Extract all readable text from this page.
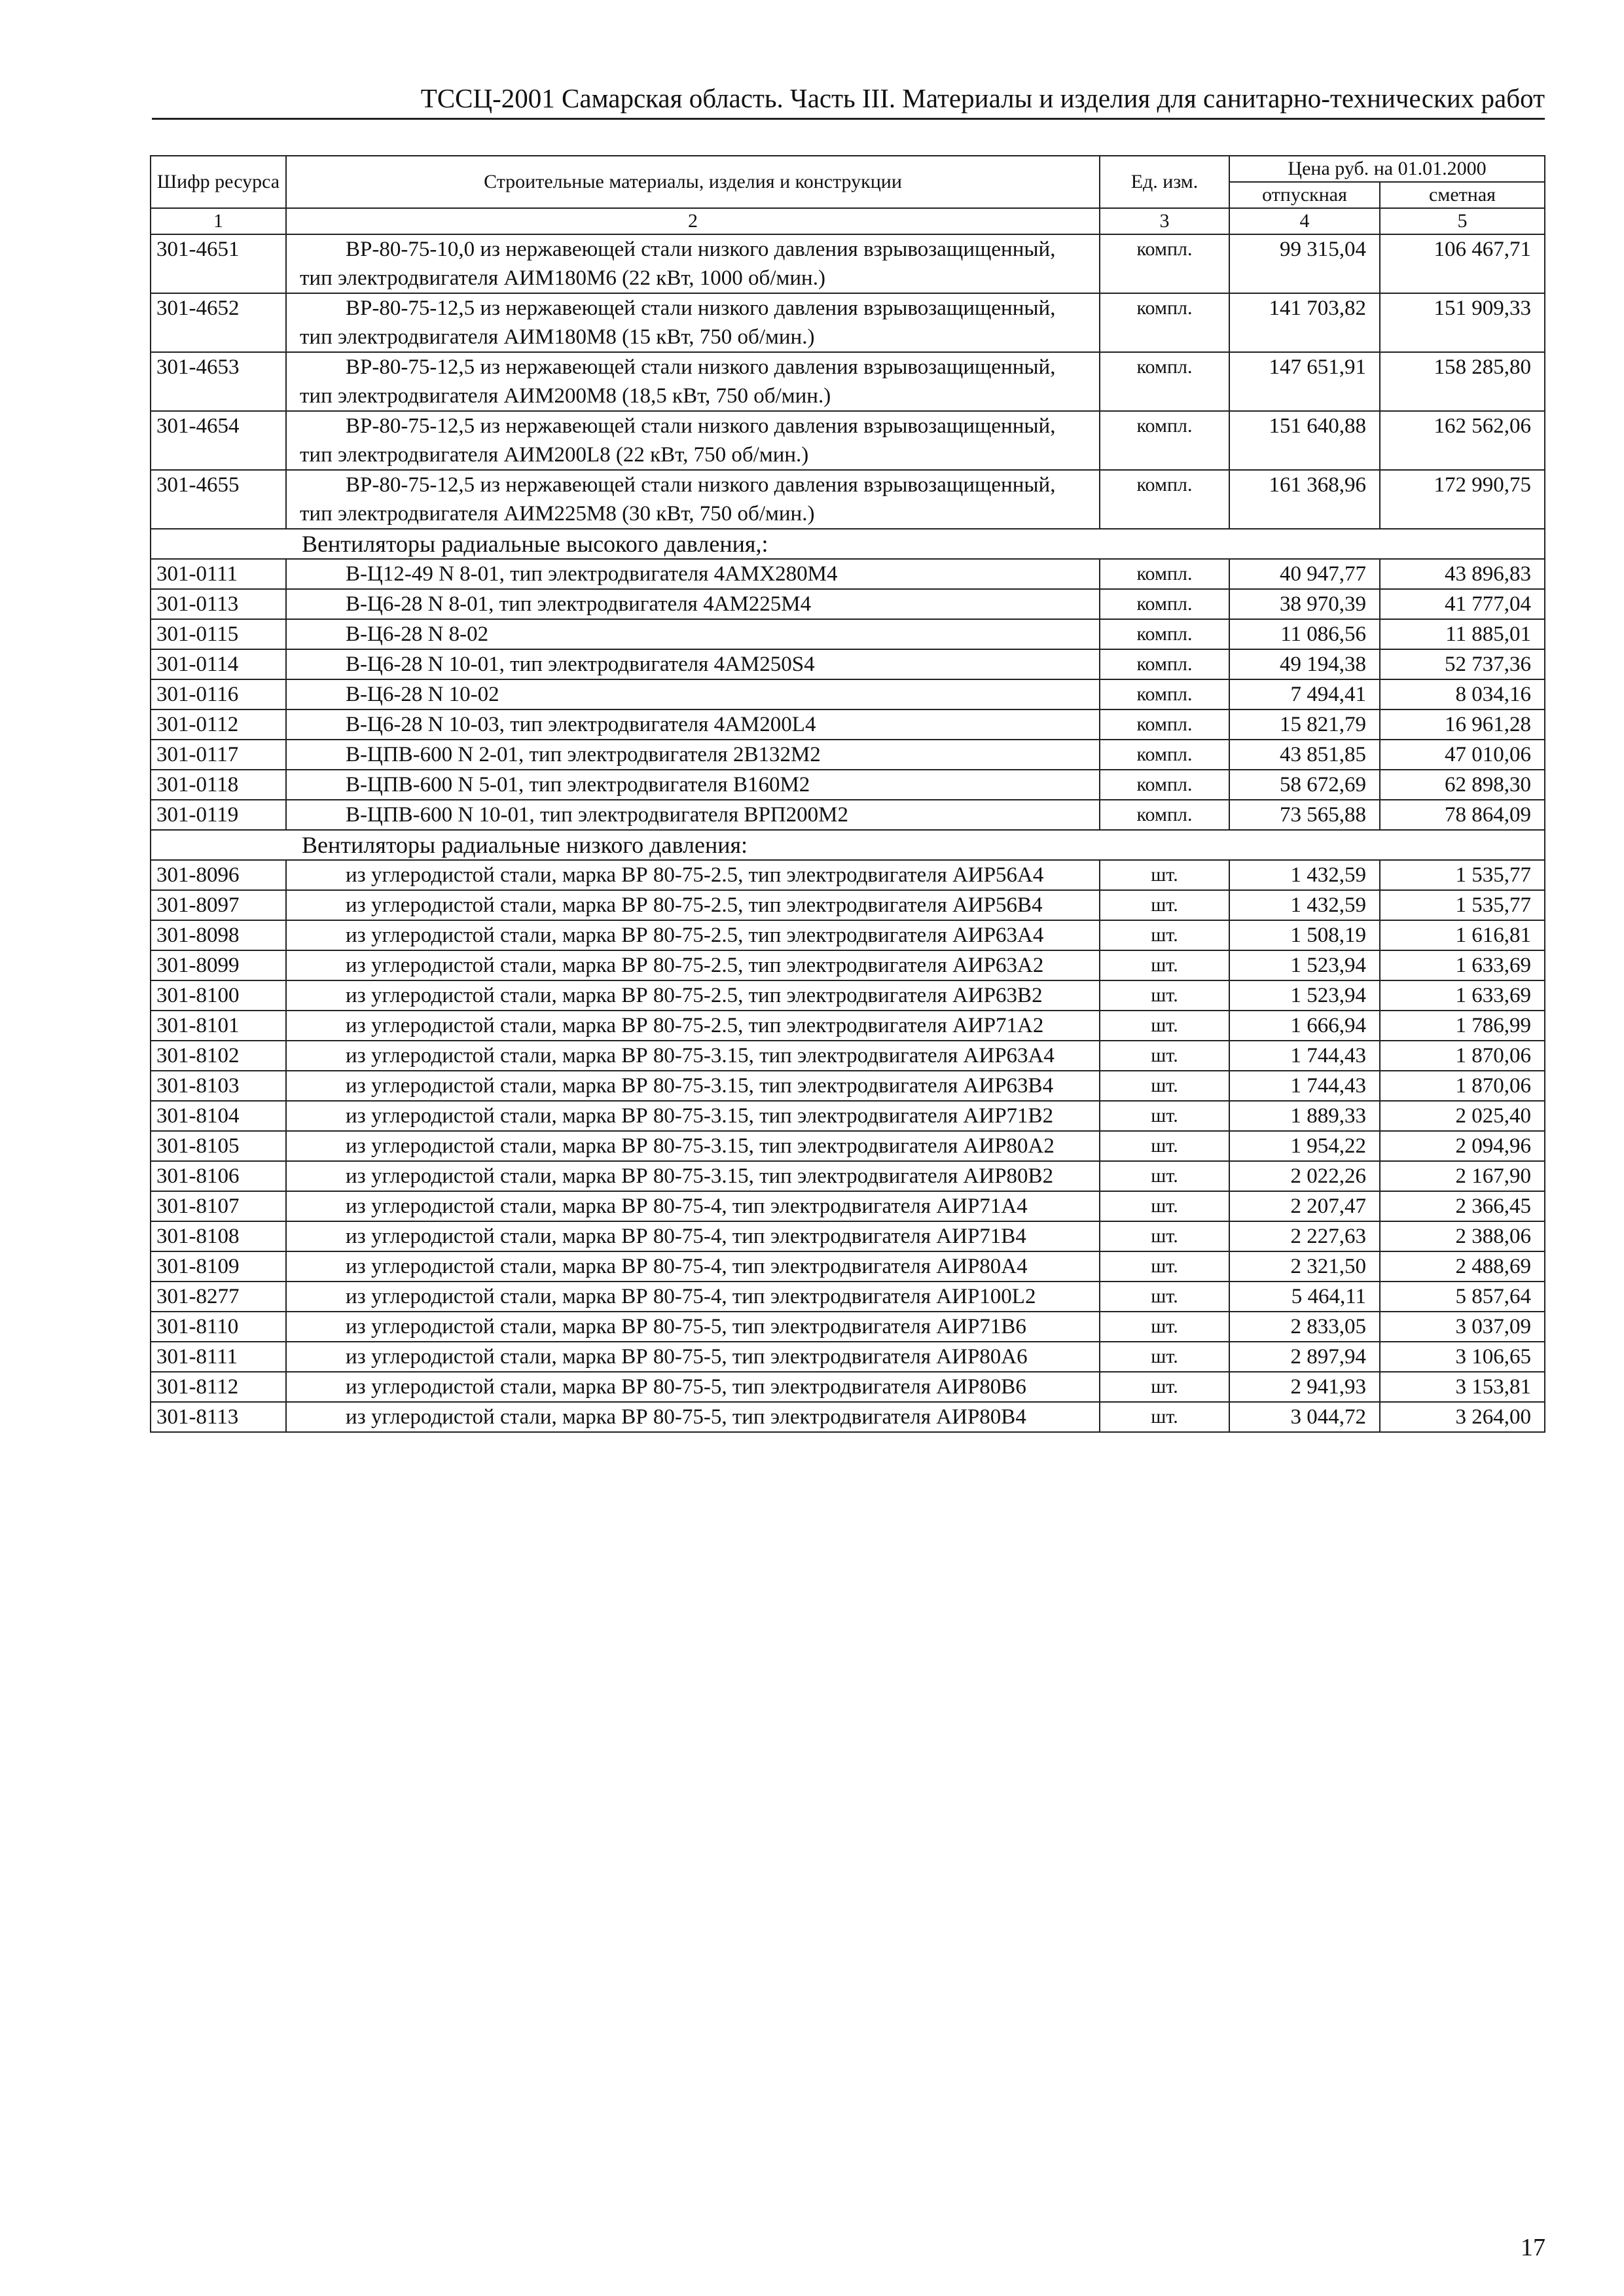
ТССЦ-2001 Самарская область. Часть III. Материалы и изделия для санитарно-технических работ
Шифр ресурса	Строительные материалы, изделия и конструкции	Ед. изм.	Цена руб. на 01.01.2000	
			отпускная	сметная
1	2	3	4	5
301-4651	ВР-80-75-10,0 из нержавеющей стали низкого давления взрывозащищенный, тип электродвигателя АИМ180М6 (22 кВт, 1000 об/мин.)	компл.	99 315,04	106 467,71
301-4652	ВР-80-75-12,5 из нержавеющей стали низкого давления взрывозащищенный, тип электродвигателя АИМ180М8 (15 кВт, 750 об/мин.)	компл.	141 703,82	151 909,33
301-4653	ВР-80-75-12,5 из нержавеющей стали низкого давления взрывозащищенный, тип электродвигателя АИМ200М8 (18,5 кВт, 750 об/мин.)	компл.	147 651,91	158 285,80
301-4654	ВР-80-75-12,5 из нержавеющей стали низкого давления взрывозащищенный, тип электродвигателя АИМ200L8 (22 кВт, 750 об/мин.)	компл.	151 640,88	162 562,06
301-4655	ВР-80-75-12,5 из нержавеющей стали низкого давления взрывозащищенный, тип электродвигателя АИМ225М8 (30 кВт, 750 об/мин.)	компл.	161 368,96	172 990,75
Вентиляторы радиальные высокого давления,:				
301-0111	В-Ц12-49 N 8-01, тип электродвигателя 4АМХ280М4	компл.	40 947,77	43 896,83
301-0113	В-Ц6-28 N 8-01, тип электродвигателя 4АМ225М4	компл.	38 970,39	41 777,04
301-0115	В-Ц6-28 N 8-02	компл.	11 086,56	11 885,01
301-0114	В-Ц6-28 N 10-01, тип электродвигателя 4АМ250S4	компл.	49 194,38	52 737,36
301-0116	В-Ц6-28 N 10-02	компл.	7 494,41	8 034,16
301-0112	В-Ц6-28 N 10-03, тип электродвигателя 4АМ200L4	компл.	15 821,79	16 961,28
301-0117	В-ЦПВ-600 N 2-01, тип электродвигателя 2В132М2	компл.	43 851,85	47 010,06
301-0118	В-ЦПВ-600 N 5-01, тип электродвигателя В160М2	компл.	58 672,69	62 898,30
301-0119	В-ЦПВ-600 N 10-01, тип электродвигателя ВРП200М2	компл.	73 565,88	78 864,09
Вентиляторы радиальные низкого давления:				
301-8096	из углеродистой стали, марка ВР 80-75-2.5, тип электродвигателя АИР56А4	шт.	1 432,59	1 535,77
301-8097	из углеродистой стали, марка ВР 80-75-2.5, тип электродвигателя АИР56В4	шт.	1 432,59	1 535,77
301-8098	из углеродистой стали, марка ВР 80-75-2.5, тип электродвигателя АИР63А4	шт.	1 508,19	1 616,81
301-8099	из углеродистой стали, марка ВР 80-75-2.5, тип электродвигателя АИР63А2	шт.	1 523,94	1 633,69
301-8100	из углеродистой стали, марка ВР 80-75-2.5, тип электродвигателя АИР63В2	шт.	1 523,94	1 633,69
301-8101	из углеродистой стали, марка ВР 80-75-2.5, тип электродвигателя АИР71А2	шт.	1 666,94	1 786,99
301-8102	из углеродистой стали, марка ВР 80-75-3.15, тип электродвигателя АИР63А4	шт.	1 744,43	1 870,06
301-8103	из углеродистой стали, марка ВР 80-75-3.15, тип электродвигателя АИР63В4	шт.	1 744,43	1 870,06
301-8104	из углеродистой стали, марка ВР 80-75-3.15, тип электродвигателя АИР71В2	шт.	1 889,33	2 025,40
301-8105	из углеродистой стали, марка ВР 80-75-3.15, тип электродвигателя АИР80А2	шт.	1 954,22	2 094,96
301-8106	из углеродистой стали, марка ВР 80-75-3.15, тип электродвигателя АИР80В2	шт.	2 022,26	2 167,90
301-8107	из углеродистой стали, марка ВР 80-75-4, тип электродвигателя АИР71А4	шт.	2 207,47	2 366,45
301-8108	из углеродистой стали, марка ВР 80-75-4, тип электродвигателя АИР71В4	шт.	2 227,63	2 388,06
301-8109	из углеродистой стали, марка ВР 80-75-4, тип электродвигателя АИР80А4	шт.	2 321,50	2 488,69
301-8277	из углеродистой стали, марка ВР 80-75-4, тип электродвигателя АИР100L2	шт.	5 464,11	5 857,64
301-8110	из углеродистой стали, марка ВР 80-75-5, тип электродвигателя АИР71В6	шт.	2 833,05	3 037,09
301-8111	из углеродистой стали, марка ВР 80-75-5, тип электродвигателя АИР80А6	шт.	2 897,94	3 106,65
301-8112	из углеродистой стали, марка ВР 80-75-5, тип электродвигателя АИР80В6	шт.	2 941,93	3 153,81
301-8113	из углеродистой стали, марка ВР 80-75-5, тип электродвигателя АИР80В4	шт.	3 044,72	3 264,00
17
